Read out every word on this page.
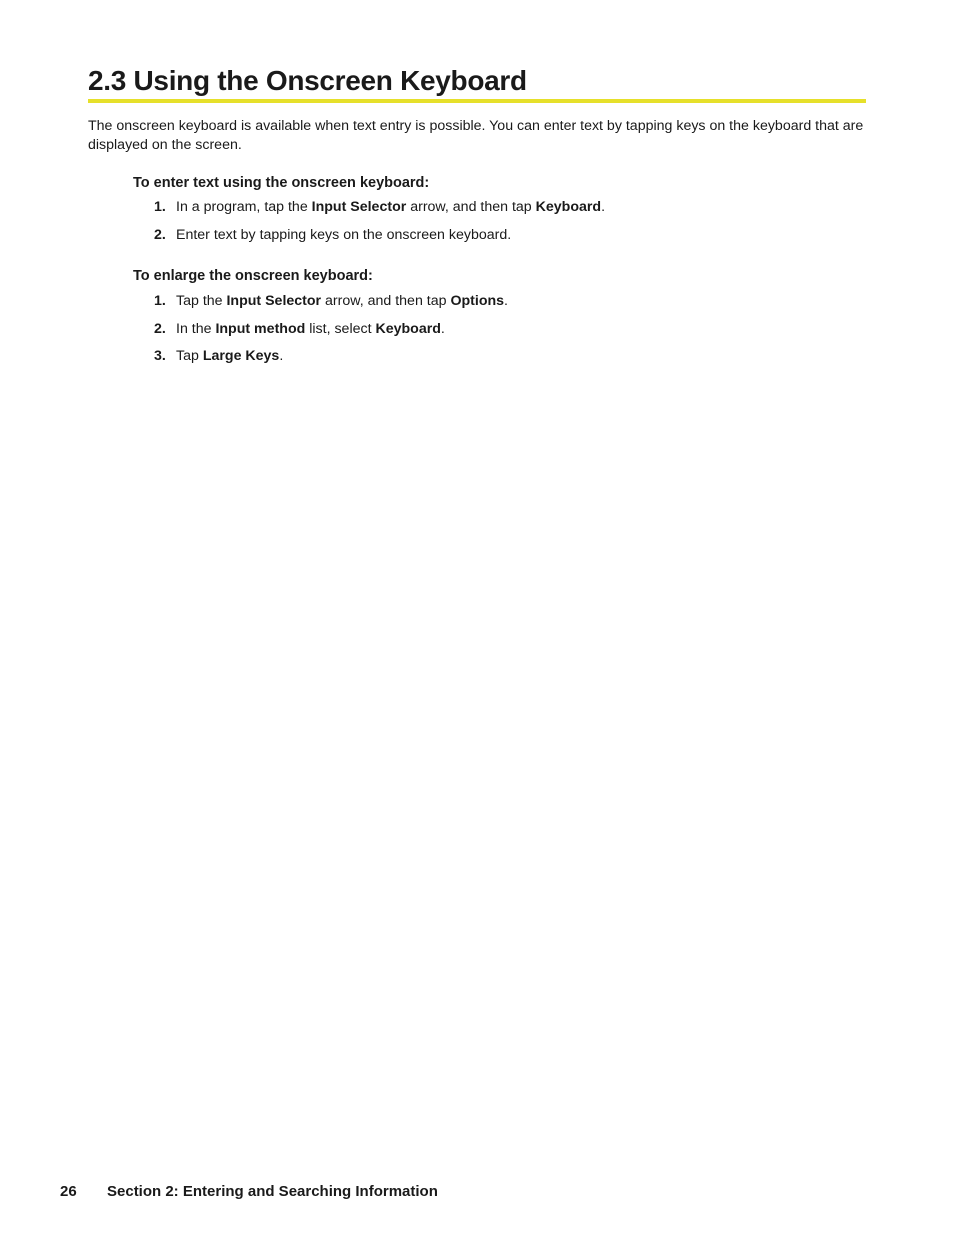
2.3 Using the Onscreen Keyboard

The onscreen keyboard is available when text entry is possible. You can enter text by tapping keys on the keyboard that are displayed on the screen.

To enter text using the onscreen keyboard:
1. In a program, tap the Input Selector arrow, and then tap Keyboard.
2. Enter text by tapping keys on the onscreen keyboard.
To enlarge the onscreen keyboard:
1. Tap the Input Selector arrow, and then tap Options.
2. In the Input method list, select Keyboard.
3. Tap Large Keys.
26 Section 2: Entering and Searching Information
